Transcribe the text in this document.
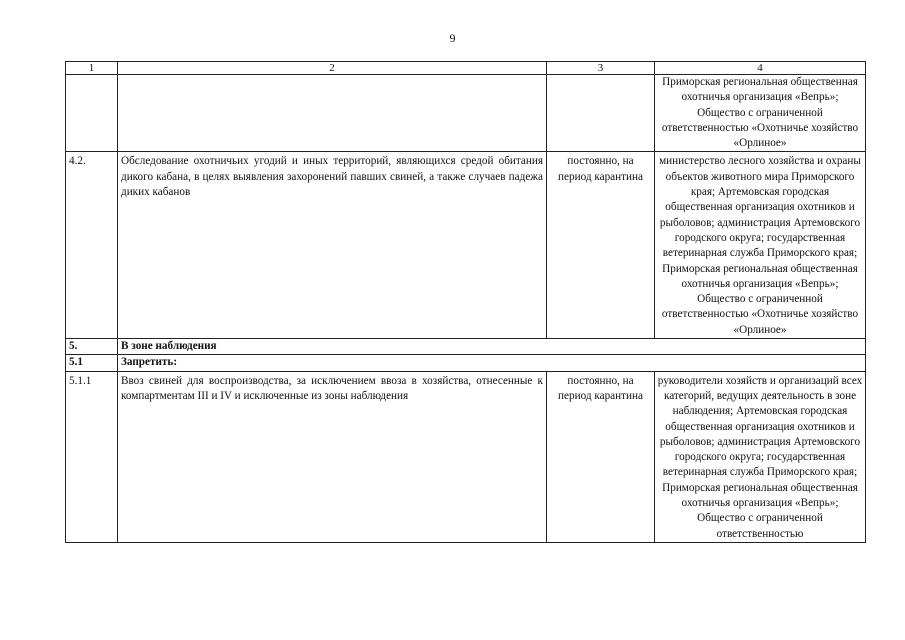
9
1	2	3	4
			Приморская региональная общественная охотничья организация «Вепрь»; Общество с ограниченной ответственностью «Охотничье хозяйство «Орлиное»
4.2.	Обследование охотничьих угодий и иных территорий, являющихся средой обитания дикого кабана, в целях выявления захоронений павших свиней, а также случаев падежа диких кабанов	постоянно, на период карантина	министерство лесного хозяйства и охраны объектов животного мира Приморского края; Артемовская городская общественная организация охотников и рыболовов; администрация Артемовского городского округа; государственная ветеринарная служба Приморского края; Приморская региональная общественная охотничья организация «Вепрь»; Общество с ограниченной ответственностью «Охотничье хозяйство «Орлиное»
5.	В зоне наблюдения		
5.1	Запретить:		
5.1.1	Ввоз свиней для воспроизводства, за исключением ввоза в хозяйства, отнесенные к компартментам III и IV и исключенные из зоны наблюдения	постоянно, на период карантина	руководители хозяйств и организаций всех категорий, ведущих деятельность в зоне наблюдения; Артемовская городская общественная организация охотников и рыболовов; администрация Артемовского городского округа; государственная ветеринарная служба Приморского края; Приморская региональная общественная охотничья организация «Вепрь»; Общество с ограниченной ответственностью
